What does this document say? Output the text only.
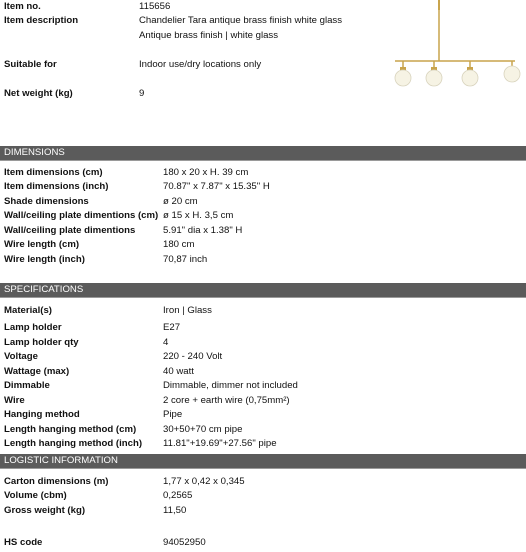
Item no.	115656
Item description	Chandelier Tara antique brass finish white glass
Antique brass finish | white glass
Suitable for	Indoor use/dry locations only
Net weight (kg)	9
DIMENSIONS
Item dimensions (cm)	180 x 20 x H. 39 cm
Item dimensions (inch)	70.87" x 7.87" x 15.35" H
Shade dimensions	ø 20 cm
Wall/ceiling plate dimentions (cm) ø 15 x H. 3,5 cm
Wall/ceiling plate dimentions	5.91" dia x 1.38" H
Wire length (cm)	180 cm
Wire length (inch)	70,87 inch
SPECIFICATIONS
Material(s)	Iron | Glass
Lamp holder	E27
Lamp holder qty	4
Voltage	220 - 240 Volt
Wattage (max)	40 watt
Dimmable	Dimmable, dimmer not included
Wire	2 core + earth wire (0,75mm²)
Hanging method	Pipe
Length hanging method (cm)	30+50+70 cm pipe
Length hanging method (inch) 11.81"+19.69"+27.56" pipe
LOGISTIC INFORMATION
Carton dimensions (m)	1,77 x 0,42 x 0,345
Volume (cbm)	0,2565
Gross weight (kg)	11,50
HS code	94052950
